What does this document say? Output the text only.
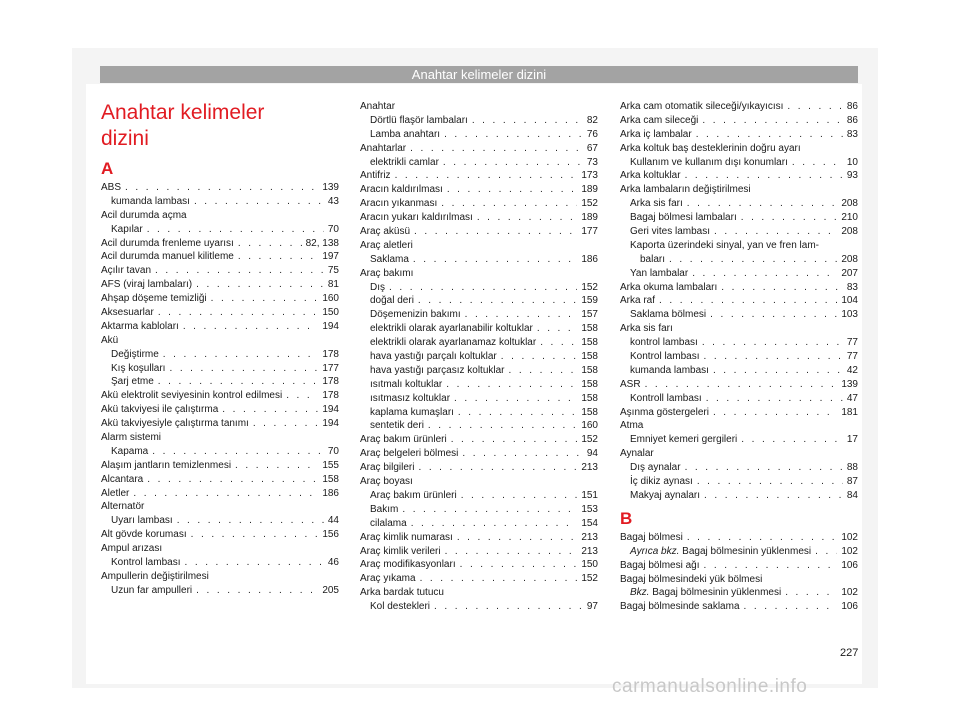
Anahtar kelimeler dizini
Anahtar kelimeler
dizini
A
ABS . . .	139
kumanda lambası . . .	43
Acil durumda açma
Kapılar . . .	70
Acil durumda frenleme uyarısı . . .	82, 138
Acil durumda manuel kilitleme . . .	197
Açılır tavan . . .	75
AFS (viraj lambaları) . . .	81
Ahşap döşeme temizliği . . .	160
Aksesuarlar . . .	150
Aktarma kabloları . . .	194
Akü
Değiştirme . . .	178
Kış koşulları . . .	177
Şarj etme . . .	178
Akü elektrolit seviyesinin kontrol edilmesi . . .	178
Akü takviyesi ile çalıştırma . . .	194
Akü takviyesiyle çalıştırma tanımı . . .	194
Alarm sistemi
Kapama . . .	70
Alaşım jantların temizlenmesi . . .	155
Alcantara . . .	158
Aletler . . .	186
Alternatör
Uyarı lambası . . .	44
Alt gövde koruması . . .	156
Ampul arızası
Kontrol lambası . . .	46
Ampullerin değiştirilmesi
Uzun far ampulleri . . .	205
Anahtar
Dörtlü flaşör lambaları . . .	82
Lamba anahtarı . . .	76
Anahtarlar . . .	67
elektrikli camlar . . .	73
Antifriz . . .	173
Aracın kaldırılması . . .	189
Aracın yıkanması . . .	152
Aracın yukarı kaldırılması . . .	189
Araç aküsü . . .	177
Araç aletleri
Saklama . . .	186
Araç bakımı
Dış . . .	152
doğal deri . . .	159
Döşemenizin bakımı . . .	157
elektrikli olarak ayarlanabilir koltuklar . . .	158
elektrikli olarak ayarlanamaz koltuklar . . .	158
hava yastığı parçalı koltuklar . . .	158
hava yastığı parçasız koltuklar . . .	158
ısıtmalı koltuklar . . .	158
ısıtmasız koltuklar . . .	158
kaplama kumaşları . . .	158
sentetik deri . . .	160
Araç bakım ürünleri . . .	152
Araç belgeleri bölmesi . . .	94
Araç bilgileri . . .	213
Araç boyası
Araç bakım ürünleri . . .	151
Bakım . . .	153
cilalama . . .	154
Araç kimlik numarası . . .	213
Araç kimlik verileri . . .	213
Araç modifikasyonları . . .	150
Araç yıkama . . .	152
Arka bardak tutucu
Kol destekleri . . .	97
Arka cam otomatik sileceği/yıkayıcısı . . .	86
Arka cam sileceği . . .	86
Arka iç lambalar . . .	83
Arka koltuk baş desteklerinin doğru ayarı
Kullanım ve kullanım dışı konumları . . .	10
Arka koltuklar . . .	93
Arka lambaların değiştirilmesi
Arka sis farı . . .	208
Bagaj bölmesi lambaları . . .	210
Geri vites lambası . . .	208
Kaporta üzerindeki sinyal, yan ve fren lam-
baları . . .	208
Yan lambalar . . .	207
Arka okuma lambaları . . .	83
Arka raf . . .	104
Saklama bölmesi . . .	103
Arka sis farı
kontrol lambası . . .	77
Kontrol lambası . . .	77
kumanda lambası . . .	42
ASR . . .	139
Kontroll lambası . . .	47
Aşınma göstergeleri . . .	181
Atma
Emniyet kemeri gergileri . . .	17
Aynalar
Dış aynalar . . .	88
İç dikiz aynası . . .	87
Makyaj aynaları . . .	84
B
Bagaj bölmesi . . .	102
Ayrıca bkz. Bagaj bölmesinin yüklenmesi . . .	102
Bagaj bölmesi ağı . . .	106
Bagaj bölmesindeki yük bölmesi
Bkz. Bagaj bölmesinin yüklenmesi . . .	102
Bagaj bölmesinde saklama . . .	106
227
carmanualsonline.info
